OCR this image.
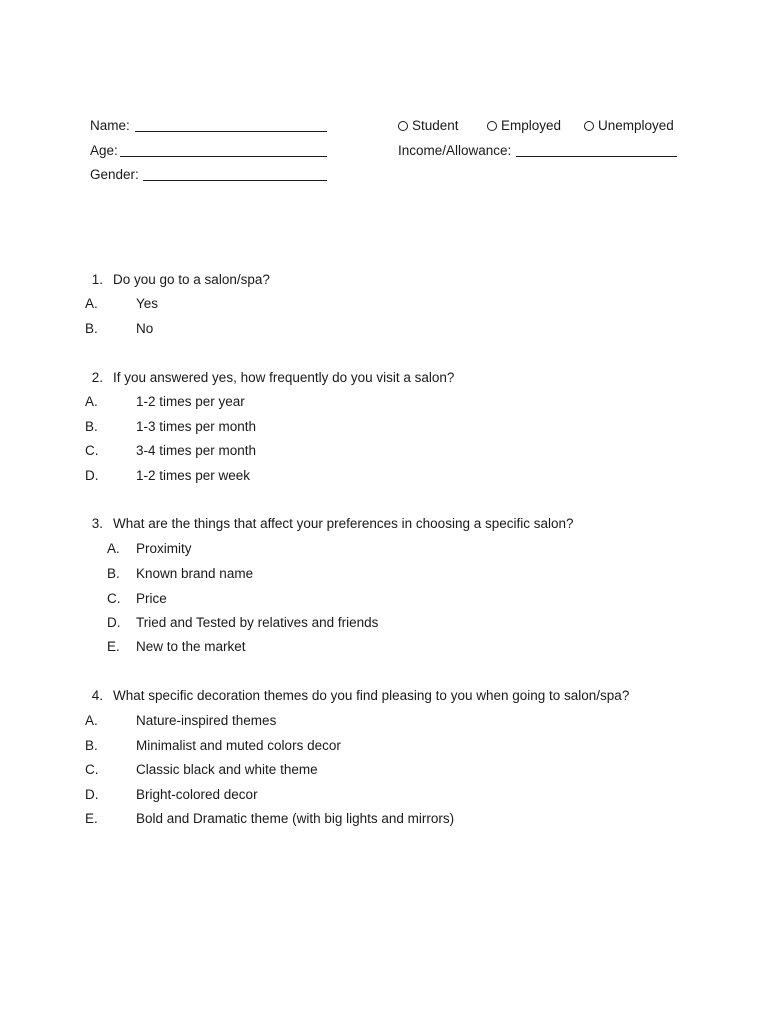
Name:
Age:
Gender:
Student	Employed	Unemployed
Income/Allowance:
1. Do you go to a salon/spa?
A.	Yes
B.	No
2. If you answered yes, how frequently do you visit a salon?
A.	1-2 times per year
B.	1-3 times per month
C.	3-4 times per month
D.	1-2 times per week
3. What are the things that affect your preferences in choosing a specific salon?
A. Proximity
B. Known brand name
C. Price
D. Tried and Tested by relatives and friends
E. New to the market
4. What specific decoration themes do you find pleasing to you when going to salon/spa?
A.	Nature-inspired themes
B.	Minimalist and muted colors decor
C.	Classic black and white theme
D.	Bright-colored decor
E.	Bold and Dramatic theme (with big lights and mirrors)
